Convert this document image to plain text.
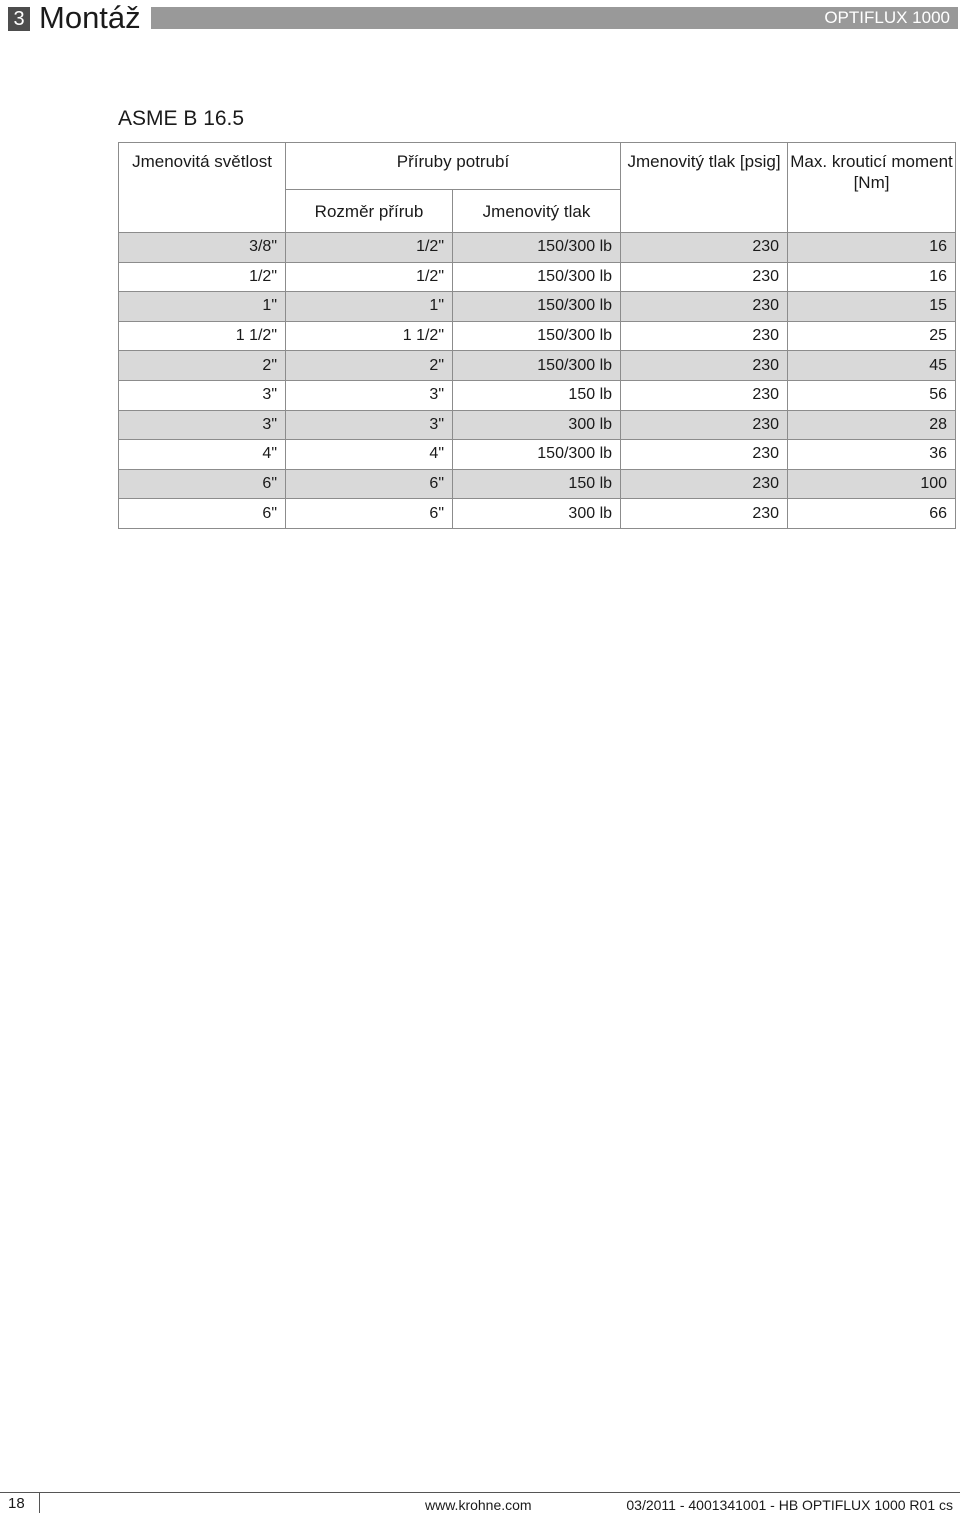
3 Montáž	OPTIFLUX 1000
ASME B 16.5
Jmenovitá světlost	Příruby potrubí		Jmenovitý tlak [psig]	Max. krouticí moment [Nm]
	Rozměr přírub	Jmenovitý tlak		
3/8"	1/2"	150/300 lb	230	16
1/2"	1/2"	150/300 lb	230	16
1"	1"	150/300 lb	230	15
1 1/2"	1 1/2"	150/300 lb	230	25
2"	2"	150/300 lb	230	45
3"	3"	150 lb	230	56
3"	3"	300 lb	230	28
4"	4"	150/300 lb	230	36
6"	6"	150 lb	230	100
6"	6"	300 lb	230	66
18	www.krohne.com	03/2011 - 4001341001 - HB OPTIFLUX 1000 R01 cs
